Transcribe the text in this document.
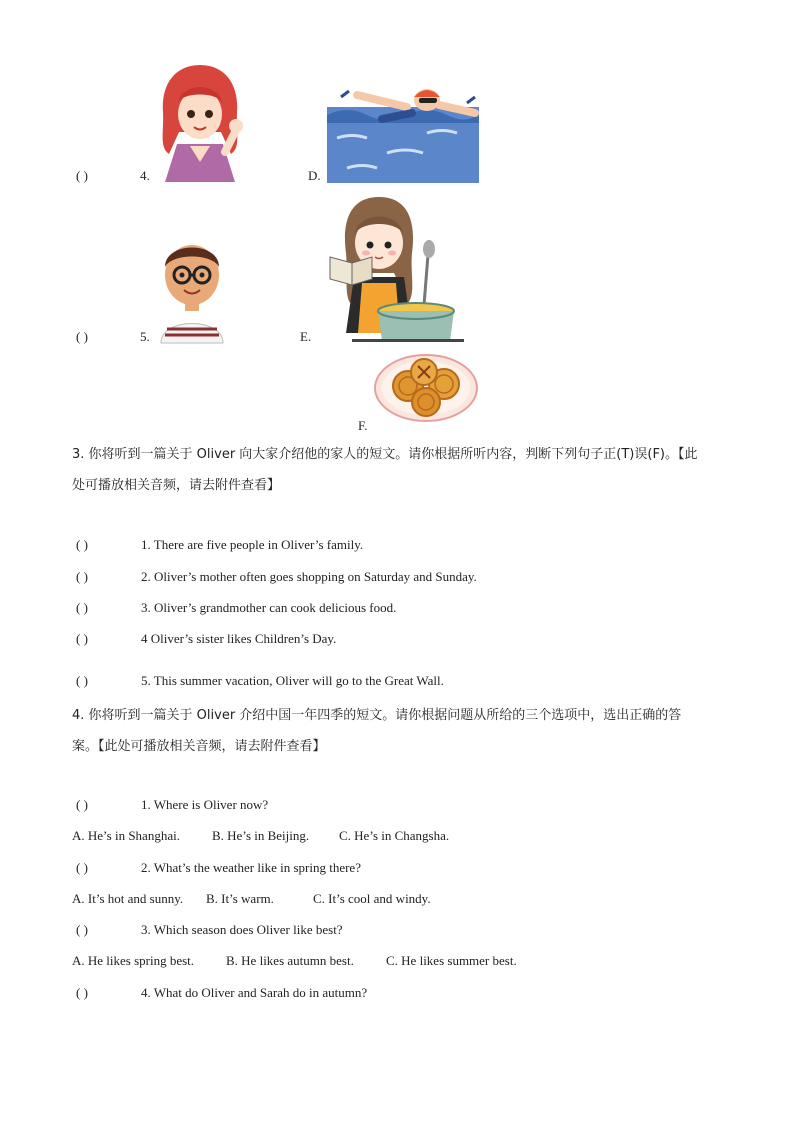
( )	4.	D.
( )	5.	E.
F.
3. 你将听到一篇关于 Oliver 向大家介绍他的家人的短文。请你根据所听内容，判断下列句子正(T)误(F)。【此
处可播放相关音频，请去附件查看】
( )	1. There are five people in Oliver’s family.
( )	2. Oliver’s mother often goes shopping on Saturday and Sunday.
( )	3. Oliver’s grandmother can cook delicious food.
( )	4 Oliver’s sister likes Children’s Day.
( )	5. This summer vacation, Oliver will go to the Great Wall.
4. 你将听到一篇关于 Oliver 介绍中国一年四季的短文。请你根据问题从所给的三个选项中，选出正确的答
案。【此处可播放相关音频，请去附件查看】
( )	1. Where is Oliver now?
A. He’s in Shanghai. B. He’s in Beijing. C. He’s in Changsha.
( )	2. What’s the weather like in spring there?
A. It’s hot and sunny. B. It’s warm.	C. It’s cool and windy.
( )	3. Which season does Oliver like best?
A. He likes spring best. B. He likes autumn best. C. He likes summer best.
( )	4. What do Oliver and Sarah do in autumn?
